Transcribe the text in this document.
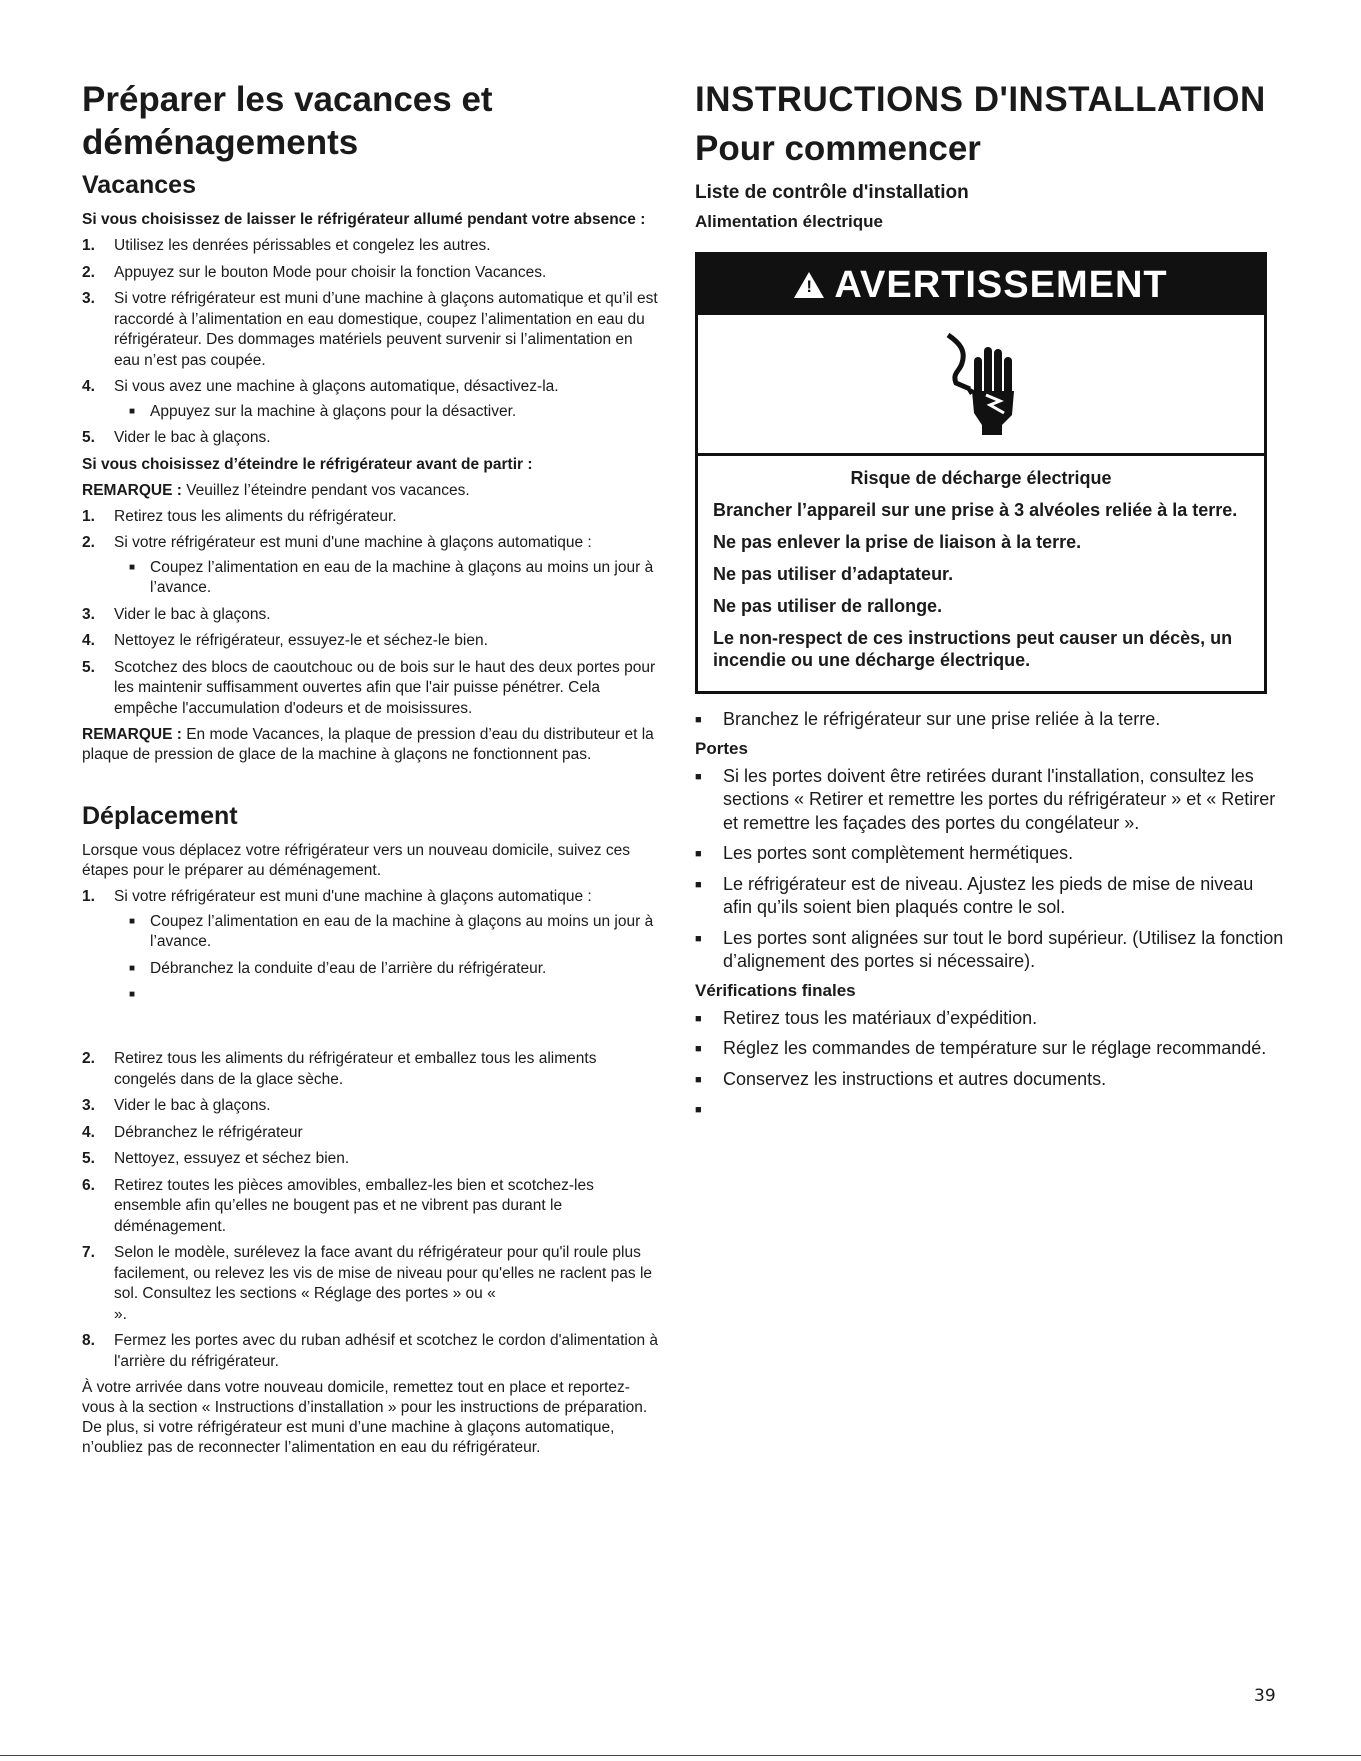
Préparer les vacances et déménagements
Vacances

Si vous choisissez de laisser le réfrigérateur allumé pendant votre absence :

1. Utilisez les denrées périssables et congelez les autres.
2. Appuyez sur le bouton Mode pour choisir la fonction Vacances.
3. Si votre réfrigérateur est muni d’une machine à glaçons automatique et qu’il est raccordé à l’alimentation en eau domestique, coupez l’alimentation en eau du réfrigérateur. Des dommages matériels peuvent survenir si l’alimentation en eau n’est pas coupée.
4. Si vous avez une machine à glaçons automatique, désactivez-la.
■ Appuyez sur la machine à glaçons pour la désactiver.
5. Vider le bac à glaçons.

Si vous choisissez d’éteindre le réfrigérateur avant de partir :

REMARQUE : Veuillez l’éteindre pendant vos vacances.

1. Retirez tous les aliments du réfrigérateur.
2. Si votre réfrigérateur est muni d'une machine à glaçons automatique :
■ Coupez l’alimentation en eau de la machine à glaçons au moins un jour à l’avance.
3. Vider le bac à glaçons.
4. Nettoyez le réfrigérateur, essuyez-le et séchez-le bien.
5. Scotchez des blocs de caoutchouc ou de bois sur le haut des deux portes pour les maintenir suffisamment ouvertes afin que l'air puisse pénétrer. Cela empêche l'accumulation d'odeurs et de moisissures.

REMARQUE : En mode Vacances, la plaque de pression d’eau du distributeur et la plaque de pression de glace de la machine à glaçons ne fonctionnent pas.

Déplacement

Lorsque vous déplacez votre réfrigérateur vers un nouveau domicile, suivez ces étapes pour le préparer au déménagement.

1. Si votre réfrigérateur est muni d'une machine à glaçons automatique :
■ Coupez l’alimentation en eau de la machine à glaçons au moins un jour à l’avance.
■ Débranchez la conduite d’eau de l’arrière du réfrigérateur.
■
2. Retirez tous les aliments du réfrigérateur et emballez tous les aliments congelés dans de la glace sèche.
3. Vider le bac à glaçons.
4. Débranchez le réfrigérateur
5. Nettoyez, essuyez et séchez bien.
6. Retirez toutes les pièces amovibles, emballez-les bien et scotchez-les ensemble afin qu’elles ne bougent pas et ne vibrent pas durant le déménagement.
7. Selon le modèle, surélevez la face avant du réfrigérateur pour qu'il roule plus facilement, ou relevez les vis de mise de niveau pour qu'elles ne raclent pas le sol. Consultez les sections « Réglage des portes » ou «                                                    ».
8. Fermez les portes avec du ruban adhésif et scotchez le cordon d'alimentation à l'arrière du réfrigérateur.

À votre arrivée dans votre nouveau domicile, remettez tout en place et reportez-vous à la section « Instructions d’installation » pour les instructions de préparation. De plus, si votre réfrigérateur est muni d’une machine à glaçons automatique, n’oubliez pas de reconnecter l’alimentation en eau du réfrigérateur.

INSTRUCTIONS D'INSTALLATION
Pour commencer
Liste de contrôle d'installation
Alimentation électrique
!AVERTISSEMENT
Risque de décharge électrique
Brancher l’appareil sur une prise à 3 alvéoles reliée à la terre.
Ne pas enlever la prise de liaison à la terre.
Ne pas utiliser d’adaptateur.
Ne pas utiliser de rallonge.
Le non-respect de ces instructions peut causer un décès, un incendie ou une décharge électrique.
■ Branchez le réfrigérateur sur une prise reliée à la terre.
Portes
■ Si les portes doivent être retirées durant l'installation, consultez les sections « Retirer et remettre les portes du réfrigérateur » et « Retirer et remettre les façades des portes du congélateur ».
■ Les portes sont complètement hermétiques.
■ Le réfrigérateur est de niveau. Ajustez les pieds de mise de niveau afin qu’ils soient bien plaqués contre le sol.
■ Les portes sont alignées sur tout le bord supérieur. (Utilisez la fonction d’alignement des portes si nécessaire).
Vérifications finales
■ Retirez tous les matériaux d’expédition.
■ Réglez les commandes de température sur le réglage recommandé.
■ Conservez les instructions et autres documents.
■
39
